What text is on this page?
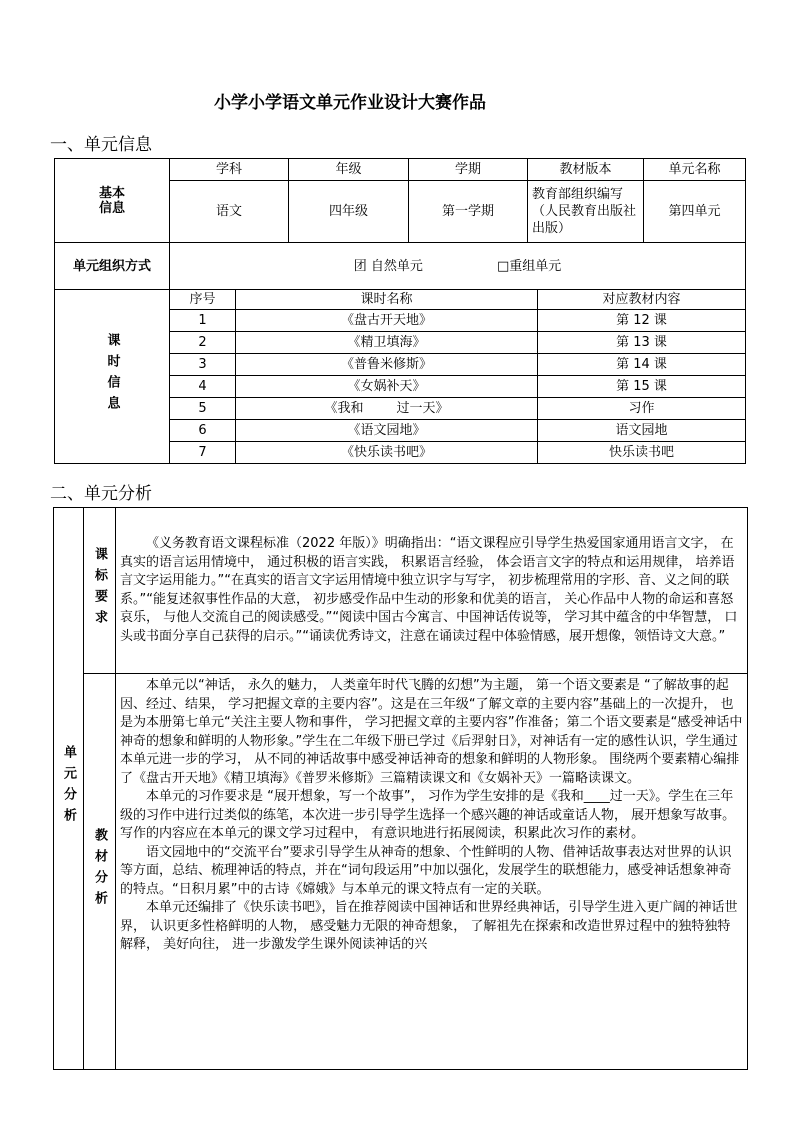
小学小学语文单元作业设计大赛作品
一、单元信息
基本
信息	学科	年级	学期	教材版本	单元名称
	语文	四年级	第一学期	教育部组织编写（人民教育出版社出版）	第四单元
单元组织方式	团 自然单元 □重组单元				
课时信息	序号	课时名称	对应教材内容
	1	《盘古开天地》	第 12 课
	2	《精卫填海》	第 13 课
	3	《普鲁米修斯》	第 14 课
	4	《女娲补天》	第 15 课
	5	《我和        过一天》	习作
	6	《语文园地》	语文园地
	7	《快乐读书吧》	快乐读书吧
二、单元分析
单元分析	课标要求	《义务教育语文课程标准（2022 年版）》明确指出：“语文课程应引导学生热爱国家通用语言文字， 在真实的语言运用情境中， 通过积极的语言实践， 积累语言经验， 体会语言文字的特点和运用规律， 培养语言文字运用能力。”“在真实的语言文字运用情境中独立识字与写字， 初步梳理常用的字形、音、义之间的联系。”“能复述叙事性作品的大意， 初步感受作品中生动的形象和优美的语言， 关心作品中人物的命运和喜怒哀乐， 与他人交流自己的阅读感受。”“阅读中国古今寓言、中国神话传说等， 学习其中蕴含的中华智慧， 口头或书面分享自己获得的启示。”“诵读优秀诗文，注意在诵读过程中体验情感，展开想像，领悟诗文大意。”
	教材分析	本单元以“神话， 永久的魅力， 人类童年时代飞腾的幻想”为主题， 第一个语文要素是 “了解故事的起因、经过、结果， 学习把握文章的主要内容”。这是在三年级“了解文章的主要内容”基础上的一次提升， 也是为本册第七单元“关注主要人物和事件， 学习把握文章的主要内容”作准备；第二个语文要素是“感受神话中神奇的想象和鲜明的人物形象。”学生在二年级下册已学过《后羿射日》，对神话有一定的感性认识，学生通过本单元进一步的学习， 从不同的神话故事中感受神话神奇的想象和鲜明的人物形象。 围绕两个要素精心编排了《盘古开天地》《精卫填海》《普罗米修斯》三篇精读课文和《女娲补天》一篇略读课文。

本单元的习作要求是 “展开想象，写一个故事”， 习作为学生安排的是《我和____过一天》。学生在三年级的习作中进行过类似的练笔，本次进一步引导学生选择一个感兴趣的神话或童话人物， 展开想象写故事。写作的内容应在本单元的课文学习过程中， 有意识地进行拓展阅读，积累此次习作的素材。

语文园地中的“交流平台”要求引导学生从神奇的想象、个性鲜明的人物、借神话故事表达对世界的认识等方面，总结、梳理神话的特点，并在“词句段运用”中加以强化，发展学生的联想能力，感受神话想象神奇的特点。“日积月累”中的古诗《嫦娥》与本单元的课文特点有一定的关联。

本单元还编排了《快乐读书吧》，旨在推荐阅读中国神话和世界经典神话，引导学生进入更广阔的神话世界， 认识更多性格鲜明的人物， 感受魅力无限的神奇想象， 了解祖先在探索和改造世界过程中的独特独特解释， 美好向往， 进一步激发学生课外阅读神话的兴
